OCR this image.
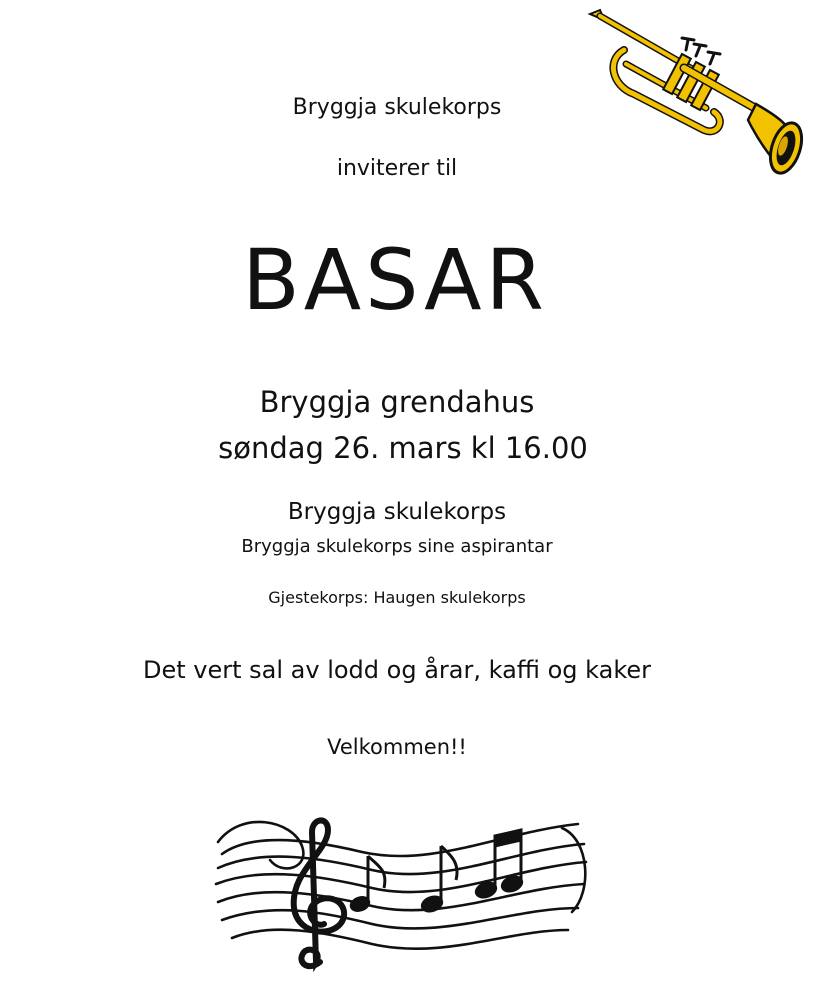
Bryggja skulekorps
inviterer til
BASAR
Bryggja grendahus
søndag 26. mars kl 16.00
Bryggja skulekorps
Bryggja skulekorps sine aspirantar
Gjestekorps: Haugen skulekorps
Det vert sal av lodd og årar, kaffi og kaker
Velkommen!!
